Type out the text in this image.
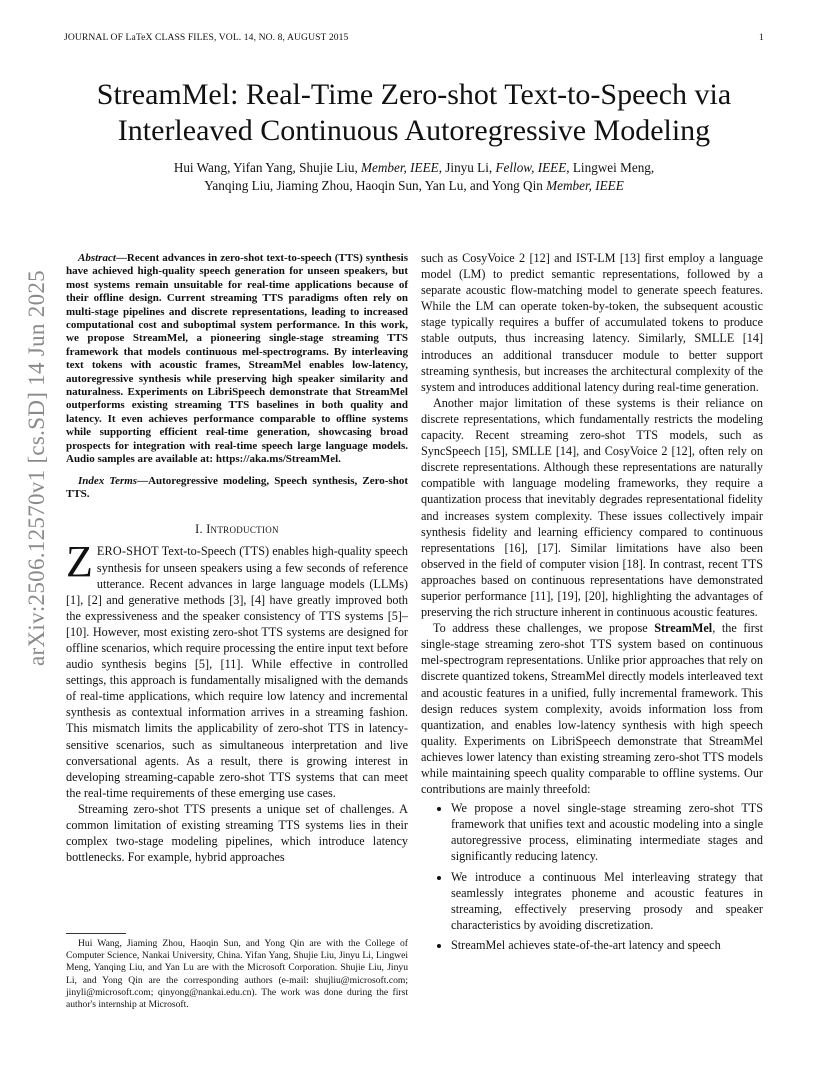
JOURNAL OF LaTeX CLASS FILES, VOL. 14, NO. 8, AUGUST 2015	1
StreamMel: Real-Time Zero-shot Text-to-Speech via
Interleaved Continuous Autoregressive Modeling
Hui Wang, Yifan Yang, Shujie Liu, Member, IEEE, Jinyu Li, Fellow, IEEE, Lingwei Meng,
Yanqing Liu, Jiaming Zhou, Haoqin Sun, Yan Lu, and Yong Qin Member, IEEE
arXiv:2506.12570v1 [cs.SD] 14 Jun 2025

Abstract—Recent advances in zero-shot text-to-speech (TTS) synthesis have achieved high-quality speech generation for unseen speakers, but most systems remain unsuitable for real-time applications because of their offline design. Current streaming TTS paradigms often rely on multi-stage pipelines and discrete representations, leading to increased computational cost and suboptimal system performance. In this work, we propose StreamMel, a pioneering single-stage streaming TTS framework that models continuous mel-spectrograms. By interleaving text tokens with acoustic frames, StreamMel enables low-latency, autoregressive synthesis while preserving high speaker similarity and naturalness. Experiments on LibriSpeech demonstrate that StreamMel outperforms existing streaming TTS baselines in both quality and latency. It even achieves performance comparable to offline systems while supporting efficient real-time generation, showcasing broad prospects for integration with real-time speech large language models. Audio samples are available at: https://aka.ms/StreamMel.

Index Terms—Autoregressive modeling, Speech synthesis, Zero-shot TTS.

I. Introduction

ZERO-SHOT Text-to-Speech (TTS) enables high-quality speech synthesis for unseen speakers using a few seconds of reference utterance. Recent advances in large language models (LLMs) [1], [2] and generative methods [3], [4] have greatly improved both the expressiveness and the speaker consistency of TTS systems [5]–[10]. However, most existing zero-shot TTS systems are designed for offline scenarios, which require processing the entire input text before audio synthesis begins [5], [11]. While effective in controlled settings, this approach is fundamentally misaligned with the demands of real-time applications, which require low latency and incremental synthesis as contextual information arrives in a streaming fashion. This mismatch limits the applicability of zero-shot TTS in latency-sensitive scenarios, such as simultaneous interpretation and live conversational agents. As a result, there is growing interest in developing streaming-capable zero-shot TTS systems that can meet the real-time requirements of these emerging use cases.

Streaming zero-shot TTS presents a unique set of challenges. A common limitation of existing streaming TTS systems lies in their complex two-stage modeling pipelines, which introduce latency bottlenecks. For example, hybrid approaches

Hui Wang, Jiaming Zhou, Haoqin Sun, and Yong Qin are with the College of Computer Science, Nankai University, China. Yifan Yang, Shujie Liu, Jinyu Li, Lingwei Meng, Yanqing Liu, and Yan Lu are with the Microsoft Corporation. Shujie Liu, Jinyu Li, and Yong Qin are the corresponding authors (e-mail: shujliu@microsoft.com; jinyli@microsoft.com; qinyong@nankai.edu.cn). The work was done during the first author's internship at Microsoft.

such as CosyVoice 2 [12] and IST-LM [13] first employ a language model (LM) to predict semantic representations, followed by a separate acoustic flow-matching model to generate speech features. While the LM can operate token-by-token, the subsequent acoustic stage typically requires a buffer of accumulated tokens to produce stable outputs, thus increasing latency. Similarly, SMLLE [14] introduces an additional transducer module to better support streaming synthesis, but increases the architectural complexity of the system and introduces additional latency during real-time generation.

Another major limitation of these systems is their reliance on discrete representations, which fundamentally restricts the modeling capacity. Recent streaming zero-shot TTS models, such as SyncSpeech [15], SMLLE [14], and CosyVoice 2 [12], often rely on discrete representations. Although these representations are naturally compatible with language modeling frameworks, they require a quantization process that inevitably degrades representational fidelity and increases system complexity. These issues collectively impair synthesis fidelity and learning efficiency compared to continuous representations [16], [17]. Similar limitations have also been observed in the field of computer vision [18]. In contrast, recent TTS approaches based on continuous representations have demonstrated superior performance [11], [19], [20], highlighting the advantages of preserving the rich structure inherent in continuous acoustic features.

To address these challenges, we propose StreamMel, the first single-stage streaming zero-shot TTS system based on continuous mel-spectrogram representations. Unlike prior approaches that rely on discrete quantized tokens, StreamMel directly models interleaved text and acoustic features in a unified, fully incremental framework. This design reduces system complexity, avoids information loss from quantization, and enables low-latency synthesis with high speech quality. Experiments on LibriSpeech demonstrate that StreamMel achieves lower latency than existing streaming zero-shot TTS models while maintaining speech quality comparable to offline systems. Our contributions are mainly threefold:

• We propose a novel single-stage streaming zero-shot TTS framework that unifies text and acoustic modeling into a single autoregressive process, eliminating intermediate stages and significantly reducing latency.
• We introduce a continuous Mel interleaving strategy that seamlessly integrates phoneme and acoustic features in streaming, effectively preserving prosody and speaker characteristics by avoiding discretization.
• StreamMel achieves state-of-the-art latency and speech
